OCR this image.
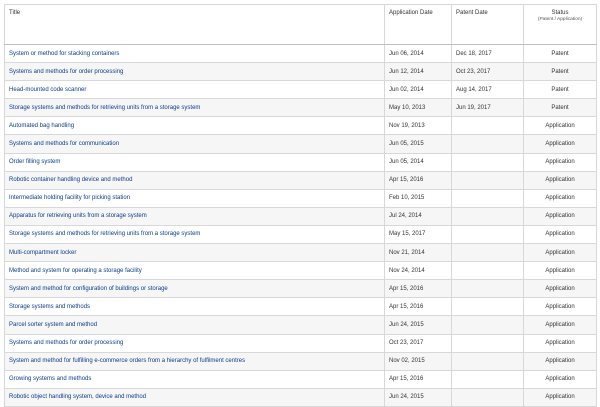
Title	Application Date	Patent Date	Status
(Patent / Application)

System or method for stacking containers	Jun 06, 2014	Dec 18, 2017	Patent
Systems and methods for order processing	Jun 12, 2014	Oct 23, 2017	Patent
Head-mounted code scanner	Jun 02, 2014	Aug 14, 2017	Patent
Storage systems and methods for retrieving units from a storage system	May 10, 2013	Jun 19, 2017	Patent
Automated bag handling	Nov 19, 2013		Application
Systems and methods for communication	Jun 05, 2015		Application
Order filling system	Jun 05, 2014		Application
Robotic container handling device and method	Apr 15, 2016		Application
Intermediate holding facility for picking station	Feb 10, 2015		Application
Apparatus for retrieving units from a storage system	Jul 24, 2014		Application
Storage systems and methods for retrieving units from a storage system	May 15, 2017		Application
Multi-compartment locker	Nov 21, 2014		Application
Method and system for operating a storage facility	Nov 24, 2014		Application
System and method for configuration of buildings or storage	Apr 15, 2016		Application
Storage systems and methods	Apr 15, 2016		Application
Parcel sorter system and method	Jun 24, 2015		Application
Systems and methods for order processing	Oct 23, 2017		Application
System and method for fulfilling e-commerce orders from a hierarchy of fulfilment centres	Nov 02, 2015		Application
Growing systems and methods	Apr 15, 2016		Application
Robotic object handling system, device and method	Jun 24, 2015		Application
